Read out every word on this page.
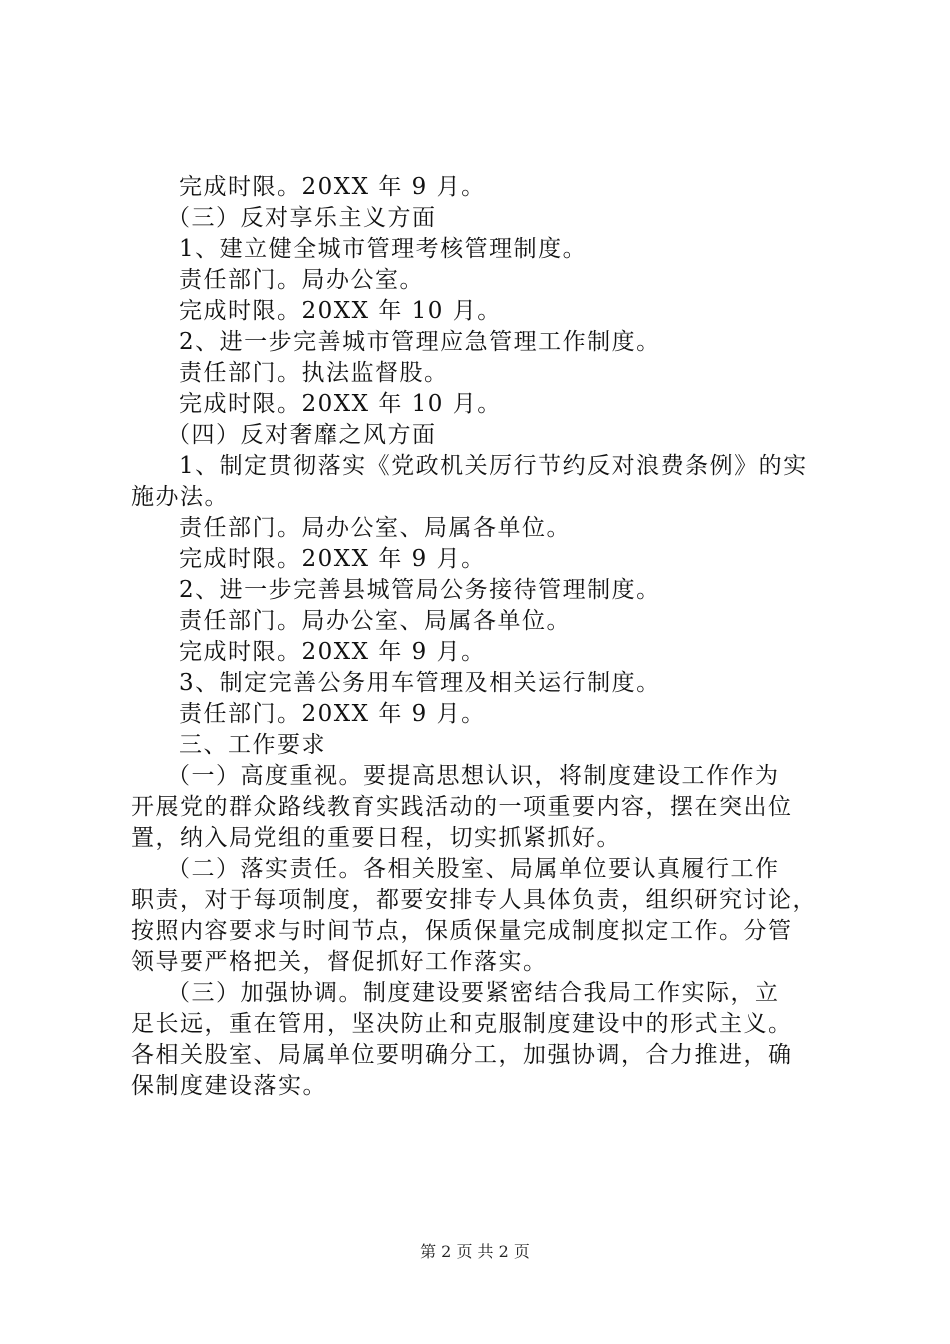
完成时限。20XX 年 9 月。
（三）反对享乐主义方面
1、建立健全城市管理考核管理制度。
责任部门。局办公室。
完成时限。20XX 年 10 月。
2、进一步完善城市管理应急管理工作制度。
责任部门。执法监督股。
完成时限。20XX 年 10 月。
（四）反对奢靡之风方面
1、制定贯彻落实《党政机关厉行节约反对浪费条例》的实
施办法。
责任部门。局办公室、局属各单位。
完成时限。20XX 年 9 月。
2、进一步完善县城管局公务接待管理制度。
责任部门。局办公室、局属各单位。
完成时限。20XX 年 9 月。
3、制定完善公务用车管理及相关运行制度。
责任部门。20XX 年 9 月。
三、工作要求
（一）高度重视。要提高思想认识，将制度建设工作作为
开展党的群众路线教育实践活动的一项重要内容，摆在突出位
置，纳入局党组的重要日程，切实抓紧抓好。
（二）落实责任。各相关股室、局属单位要认真履行工作
职责，对于每项制度，都要安排专人具体负责，组织研究讨论，
按照内容要求与时间节点，保质保量完成制度拟定工作。分管
领导要严格把关，督促抓好工作落实。
（三）加强协调。制度建设要紧密结合我局工作实际，立
足长远，重在管用，坚决防止和克服制度建设中的形式主义。
各相关股室、局属单位要明确分工，加强协调，合力推进，确
保制度建设落实。
第 2 页 共 2 页
